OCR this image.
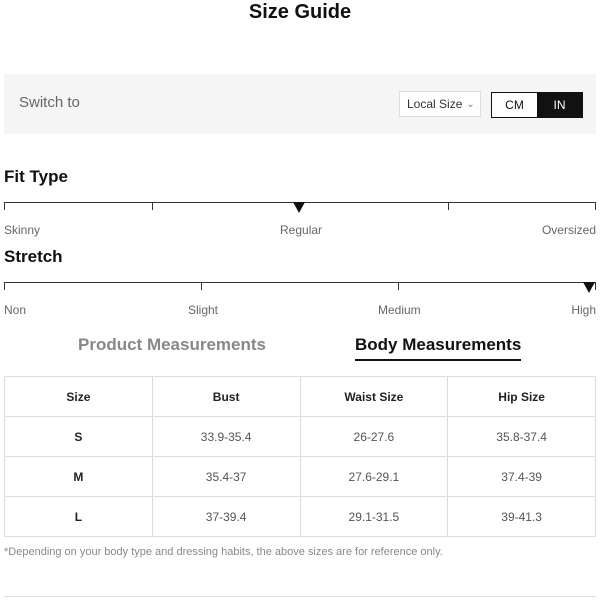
Size Guide
Switch to	Local Size ⌄	CM	IN
Fit Type
Skinny	Regular	Oversized
Stretch
Non	Slight	Medium	High
Product Measurements	Body Measurements
Size	Bust	Waist Size	Hip Size
S	33.9-35.4	26-27.6	35.8-37.4
M	35.4-37	27.6-29.1	37.4-39
L	37-39.4	29.1-31.5	39-41.3
*Depending on your body type and dressing habits, the above sizes are for reference only.
